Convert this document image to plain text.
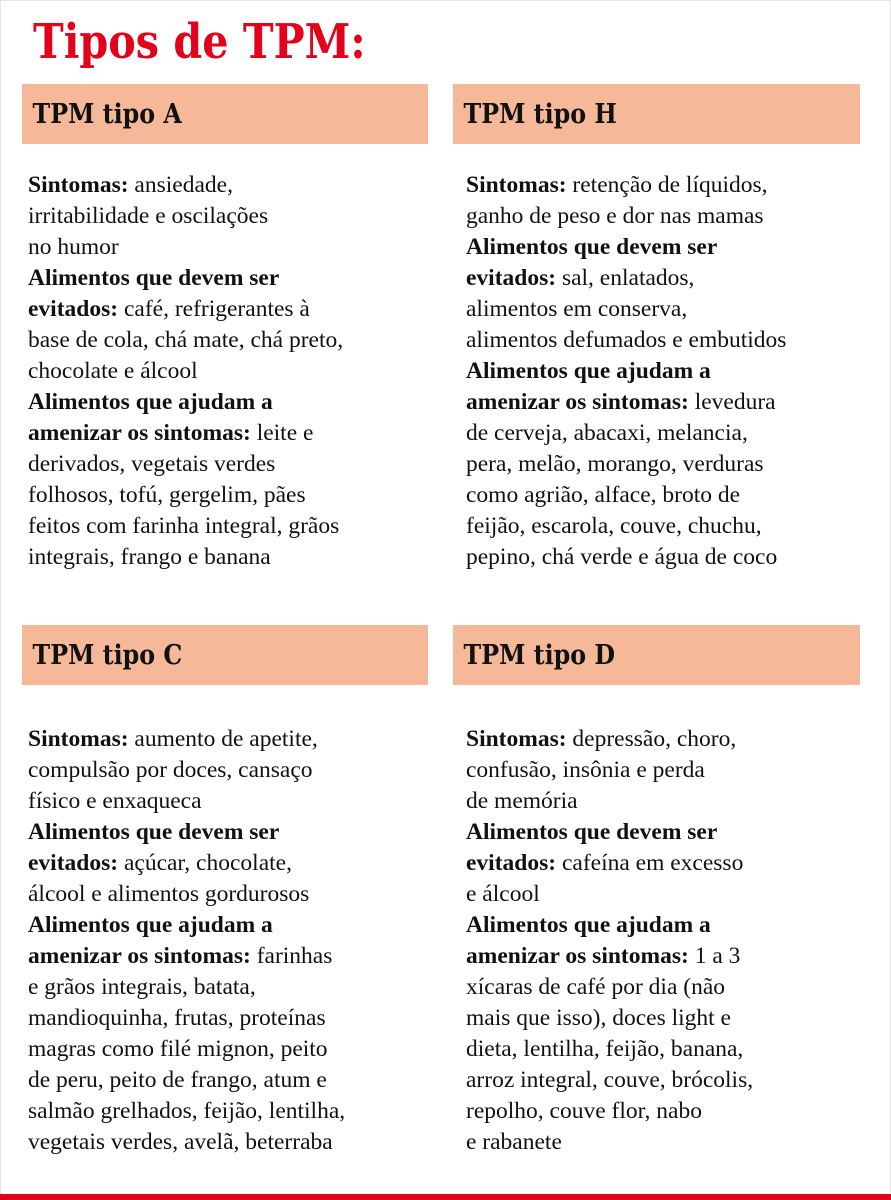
Tipos de TPM:
TPM tipo A
Sintomas: ansiedade,
irritabilidade e oscilações
no humor
Alimentos que devem ser
evitados: café, refrigerantes à
base de cola, chá mate, chá preto,
chocolate e álcool
Alimentos que ajudam a
amenizar os sintomas: leite e
derivados, vegetais verdes
folhosos, tofú, gergelim, pães
feitos com farinha integral, grãos
integrais, frango e banana
TPM tipo H
Sintomas: retenção de líquidos,
ganho de peso e dor nas mamas
Alimentos que devem ser
evitados: sal, enlatados,
alimentos em conserva,
alimentos defumados e embutidos
Alimentos que ajudam a
amenizar os sintomas: levedura
de cerveja, abacaxi, melancia,
pera, melão, morango, verduras
como agrião, alface, broto de
feijão, escarola, couve, chuchu,
pepino, chá verde e água de coco
TPM tipo C
Sintomas: aumento de apetite,
compulsão por doces, cansaço
físico e enxaqueca
Alimentos que devem ser
evitados: açúcar, chocolate,
álcool e alimentos gordurosos
Alimentos que ajudam a
amenizar os sintomas: farinhas
e grãos integrais, batata,
mandioquinha, frutas, proteínas
magras como filé mignon, peito
de peru, peito de frango, atum e
salmão grelhados, feijão, lentilha,
vegetais verdes, avelã, beterraba
TPM tipo D
Sintomas: depressão, choro,
confusão, insônia e perda
de memória
Alimentos que devem ser
evitados: cafeína em excesso
e álcool
Alimentos que ajudam a
amenizar os sintomas: 1 a 3
xícaras de café por dia (não
mais que isso), doces light e
dieta, lentilha, feijão, banana,
arroz integral, couve, brócolis,
repolho, couve flor, nabo
e rabanete
